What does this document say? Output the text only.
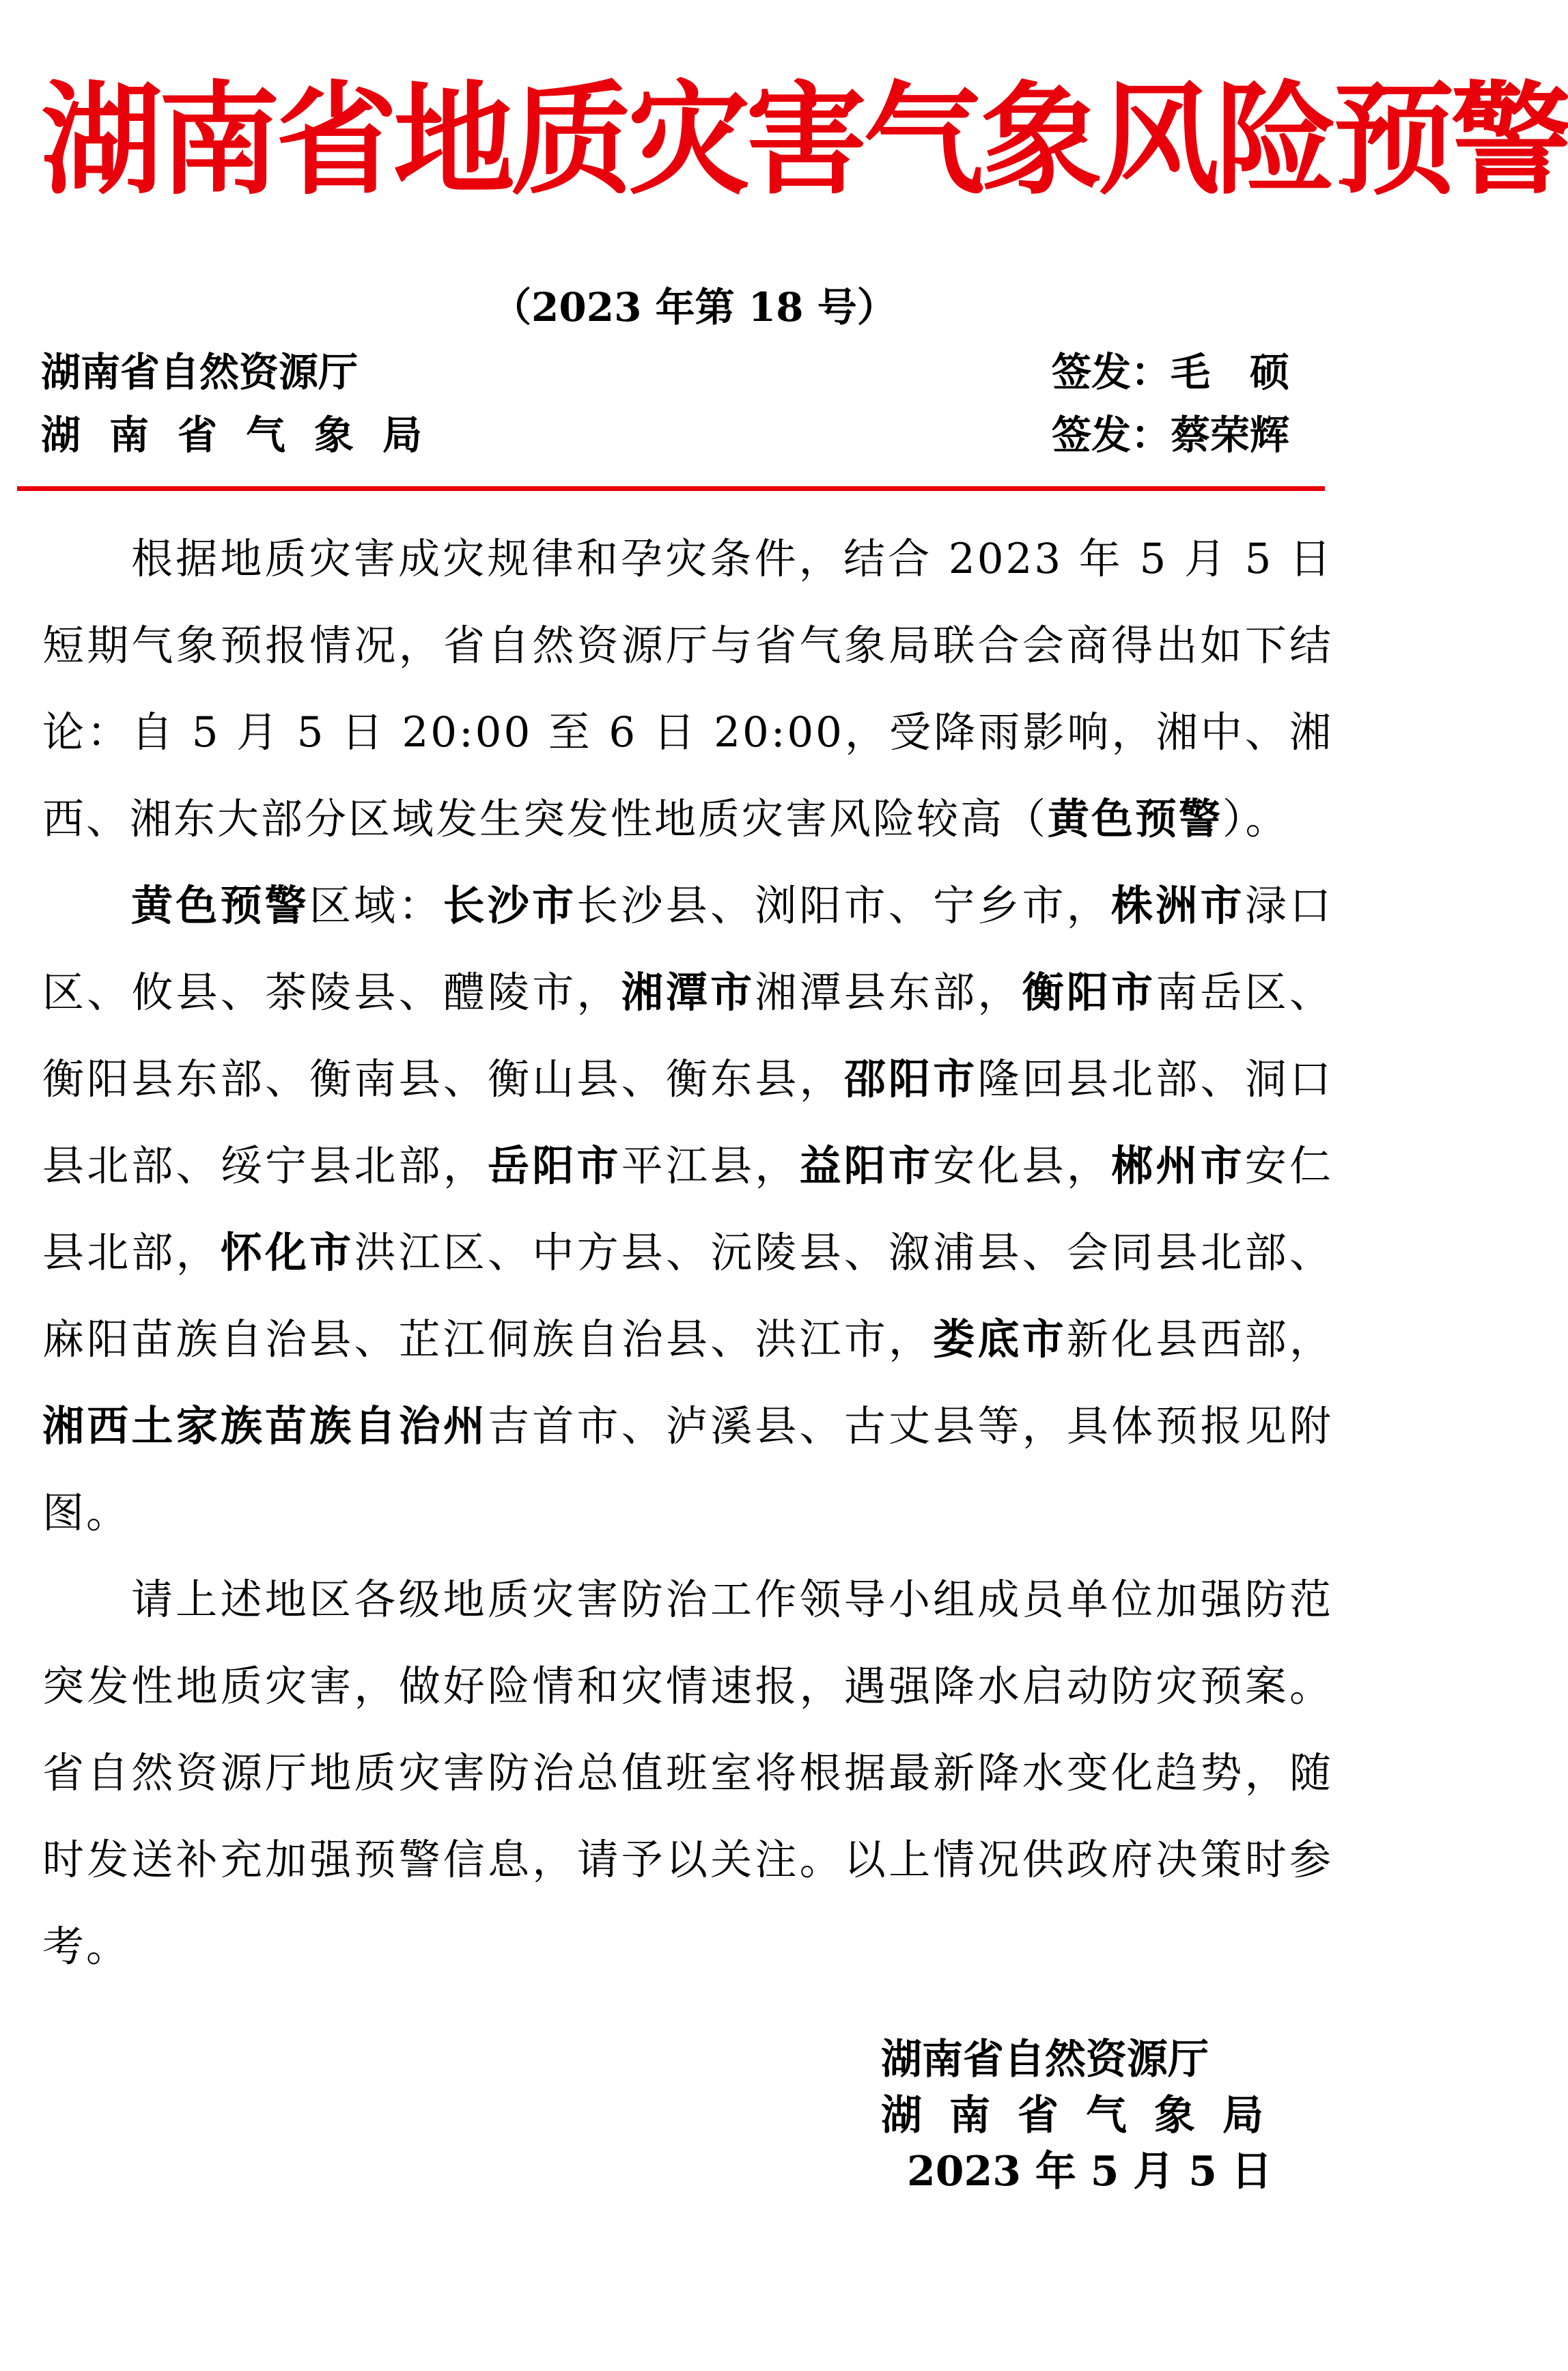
湖南省地质灾害气象风险预警
（2023 年第 18 号）
湖南省自然资源厅	签发：毛　硕
湖南省气象局	签发：蔡荣辉

根据地质灾害成灾规律和孕灾条件，结合 2023 年 5 月 5 日短期气象预报情况，省自然资源厅与省气象局联合会商得出如下结论：自 5 月 5 日 20:00 至 6 日 20:00，受降雨影响，湘中、湘西、湘东大部分区域发生突发性地质灾害风险较高（黄色预警）。

黄色预警区域：长沙市长沙县、浏阳市、宁乡市，株洲市渌口区、攸县、茶陵县、醴陵市，湘潭市湘潭县东部，衡阳市南岳区、衡阳县东部、衡南县、衡山县、衡东县，邵阳市隆回县北部、洞口县北部、绥宁县北部，岳阳市平江县，益阳市安化县，郴州市安仁县北部，怀化市洪江区、中方县、沅陵县、溆浦县、会同县北部、麻阳苗族自治县、芷江侗族自治县、洪江市，娄底市新化县西部，湘西土家族苗族自治州吉首市、泸溪县、古丈县等，具体预报见附图。

请上述地区各级地质灾害防治工作领导小组成员单位加强防范突发性地质灾害，做好险情和灾情速报，遇强降水启动防灾预案。省自然资源厅地质灾害防治总值班室将根据最新降水变化趋势，随时发送补充加强预警信息，请予以关注。以上情况供政府决策时参考。

湖南省自然资源厅
湖南省气象局
2023 年 5 月 5 日
